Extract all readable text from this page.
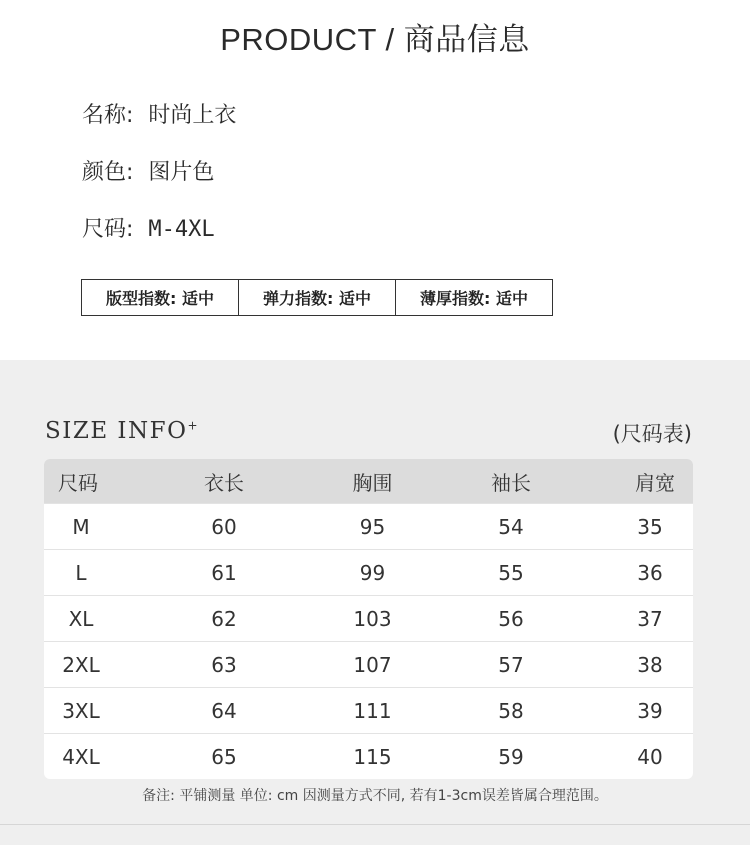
PRODUCT / 商品信息
名称: 时尚上衣
颜色: 图片色
尺码: M-4XL
版型指数: 适中	弹力指数: 适中	薄厚指数: 适中
SIZE INFO+	(尺码表)
尺码	衣长	胸围	袖长	肩宽
M	60	95	54	35
L	61	99	55	36
XL	62	103	56	37
2XL	63	107	57	38
3XL	64	111	58	39
4XL	65	115	59	40
备注: 平铺测量 单位: cm 因测量方式不同, 若有1-3cm误差皆属合理范围。
